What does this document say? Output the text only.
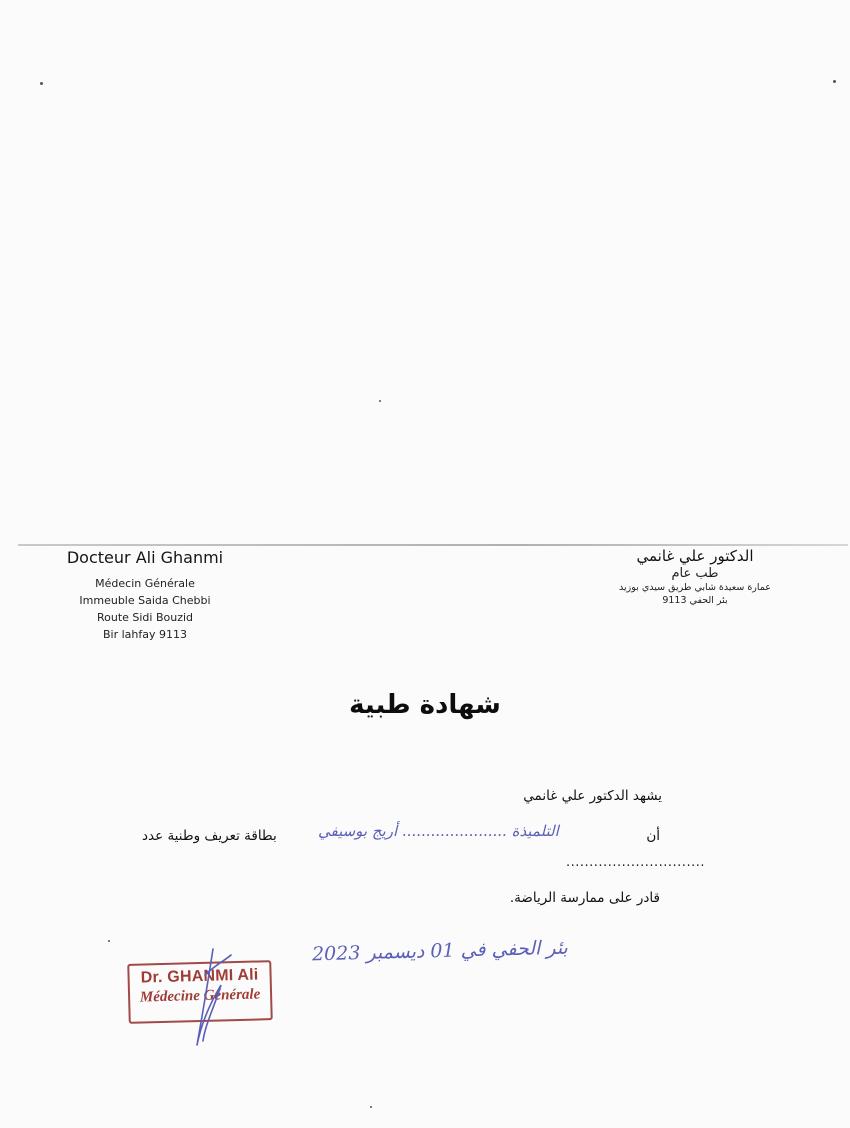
Docteur Ali Ghanmi
Médecin Générale
Immeuble Saida Chebbi
Route Sidi Bouzid
Bir lahfay 9113
الدكتور علي غانمي
طب عام
عمارة سعيدة شابي طريق سيدي بوزيد
بئر الحفي 9113
شهادة طبية
يشهد الدكتور علي غانمي
أن
التلميذة ...................... أريج بوسيفي
بطاقة تعريف وطنية عدد
..............................
قادر على ممارسة الرياضة.
بئر الحفي في 01 ديسمبر 2023
Dr. GHANMI Ali
Médecine Générale
